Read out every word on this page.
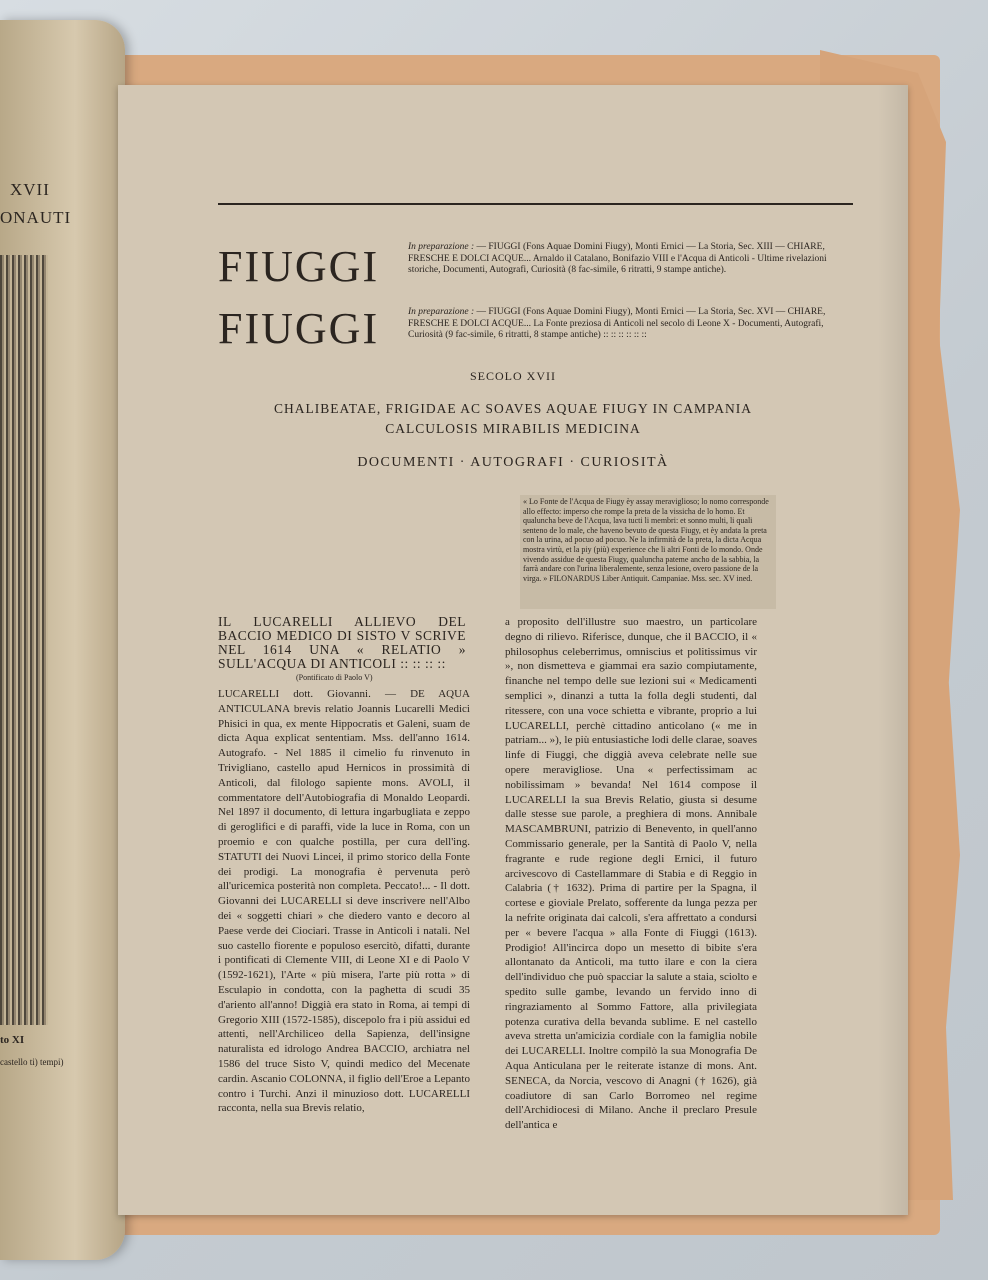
XVII
ONAUTI
to XI
castello ti) tempi)
FIUGGI
FIUGGI
In preparazione : — FIUGGI (Fons Aquae Domini Fiugy), Monti Ernici — La Storia, Sec. XIII — CHIARE, FRESCHE E DOLCI ACQUE... Arnaldo il Catalano, Bonifazio VIII e l'Acqua di Anticoli - Ultime rivelazioni storiche, Documenti, Autografi, Curiosità (8 fac-simile, 6 ritratti, 9 stampe antiche).
In preparazione : — FIUGGI (Fons Aquae Domini Fiugy), Monti Ernici — La Storia, Sec. XVI — CHIARE, FRESCHE E DOLCI ACQUE... La Fonte preziosa di Anticoli nel secolo di Leone X - Documenti, Autografi, Curiosità (9 fac-simile, 6 ritratti, 8 stampe antiche) :: :: :: :: :: ::
SECOLO XVII
CHALIBEATAE, FRIGIDAE AC SOAVES AQUAE FIUGY IN CAMPANIA
CALCULOSIS MIRABILIS MEDICINA
DOCUMENTI · AUTOGRAFI · CURIOSITÀ
« Lo Fonte de l'Acqua de Fiugy èy assay meraviglioso; lo nomo corresponde allo effecto: imperso che rompe la preta de la vissicha de lo homo. Et qualuncha beve de l'Acqua, lava tucti li membri: et sonno multi, li quali senteno de lo male, che haveno bevuto de questa Fiugy, et èy andata la preta con la urina, ad pocuo ad pocuo. Ne la infirmità de la preta, la dicta Acqua mostra virtù, et la piy (più) experience che li altri Fonti de lo mondo. Onde vivendo assidue de questa Fiugy, qualuncha pateme ancho de la sabbia, la farrà andare con l'urina liberalemente, senza lesione, overo passione de la virga. » FILONARDUS Liber Antiquit. Campaniae. Mss. sec. XV ined.
IL LUCARELLI ALLIEVO DEL BACCIO MEDICO DI SISTO V SCRIVE NEL 1614 UNA « RELATIO » SULL'ACQUA DI ANTICOLI :: :: :: ::
(Pontificato di Paolo V)
LUCARELLI dott. Giovanni. — DE AQUA ANTICULANA brevis relatio Joannis Lucarelli Medici Phisici in qua, ex mente Hippocratis et Galeni, suam de dicta Aqua explicat sententiam. Mss. dell'anno 1614. Autografo. - Nel 1885 il cimelio fu rinvenuto in Trivigliano, castello apud Hernicos in prossimità di Anticoli, dal filologo sapiente mons. AVOLI, il commentatore dell'Autobiografia di Monaldo Leopardi. Nel 1897 il documento, di lettura ingarbugliata e zeppo di geroglifici e di paraffi, vide la luce in Roma, con un proemio e con qualche postilla, per cura dell'ing. STATUTI dei Nuovi Lincei, il primo storico della Fonte dei prodigi. La monografia è pervenuta però all'uricemica posterità non completa. Peccato!... - Il dott. Giovanni dei LUCARELLI si deve inscrivere nell'Albo dei « soggetti chiari » che diedero vanto e decoro al Paese verde dei Ciociari. Trasse in Anticoli i natali. Nel suo castello fiorente e populoso esercitò, difatti, durante i pontificati di Clemente VIII, di Leone XI e di Paolo V (1592-1621), l'Arte « più misera, l'arte più rotta » di Esculapio in condotta, con la paghetta di scudi 35 d'ariento all'anno! Diggià era stato in Roma, ai tempi di Gregorio XIII (1572-1585), discepolo fra i più assidui ed attenti, nell'Archiliceo della Sapienza, dell'insigne naturalista ed idrologo Andrea BACCIO, archiatra nel 1586 del truce Sisto V, quindi medico del Mecenate cardin. Ascanio COLONNA, il figlio dell'Eroe a Lepanto contro i Turchi. Anzi il minuzioso dott. LUCARELLI racconta, nella sua Brevis relatio,
a proposito dell'illustre suo maestro, un particolare degno di rilievo. Riferisce, dunque, che il BACCIO, il « philosophus celeberrimus, omniscius et politissimus vir », non dismetteva e giammai era sazio compiutamente, finanche nel tempo delle sue lezioni sui « Medicamenti semplici », dinanzi a tutta la folla degli studenti, dal ritessere, con una voce schietta e vibrante, proprio a lui LUCARELLI, perchè cittadino anticolano (« me in patriam... »), le più entusiastiche lodi delle clarae, soaves linfe di Fiuggi, che diggià aveva celebrate nelle sue opere meravigliose. Una « perfectissimam ac nobilissimam » bevanda! Nel 1614 compose il LUCARELLI la sua Brevis Relatio, giusta si desume dalle stesse sue parole, a preghiera di mons. Annibale MASCAMBRUNI, patrizio di Benevento, in quell'anno Commissario generale, per la Santità di Paolo V, nella fragrante e rude regione degli Ernici, il futuro arcivescovo di Castellammare di Stabia e di Reggio in Calabria († 1632). Prima di partire per la Spagna, il cortese e gioviale Prelato, sofferente da lunga pezza per la nefrite originata dai calcoli, s'era affrettato a condursi per « bevere l'acqua » alla Fonte di Fiuggi (1613). Prodigio! All'incirca dopo un mesetto di bibite s'era allontanato da Anticoli, ma tutto ilare e con la ciera dell'individuo che può spacciar la salute a staia, sciolto e spedito sulle gambe, levando un fervido inno di ringraziamento al Sommo Fattore, alla privilegiata potenza curativa della bevanda sublime. E nel castello aveva stretta un'amicizia cordiale con la famiglia nobile dei LUCARELLI. Inoltre compilò la sua Monografia De Aqua Anticulana per le reiterate istanze di mons. Ant. SENECA, da Norcia, vescovo di Anagni († 1626), già coadiutore di san Carlo Borromeo nel regime dell'Archidiocesi di Milano. Anche il preclaro Presule dell'antica e
